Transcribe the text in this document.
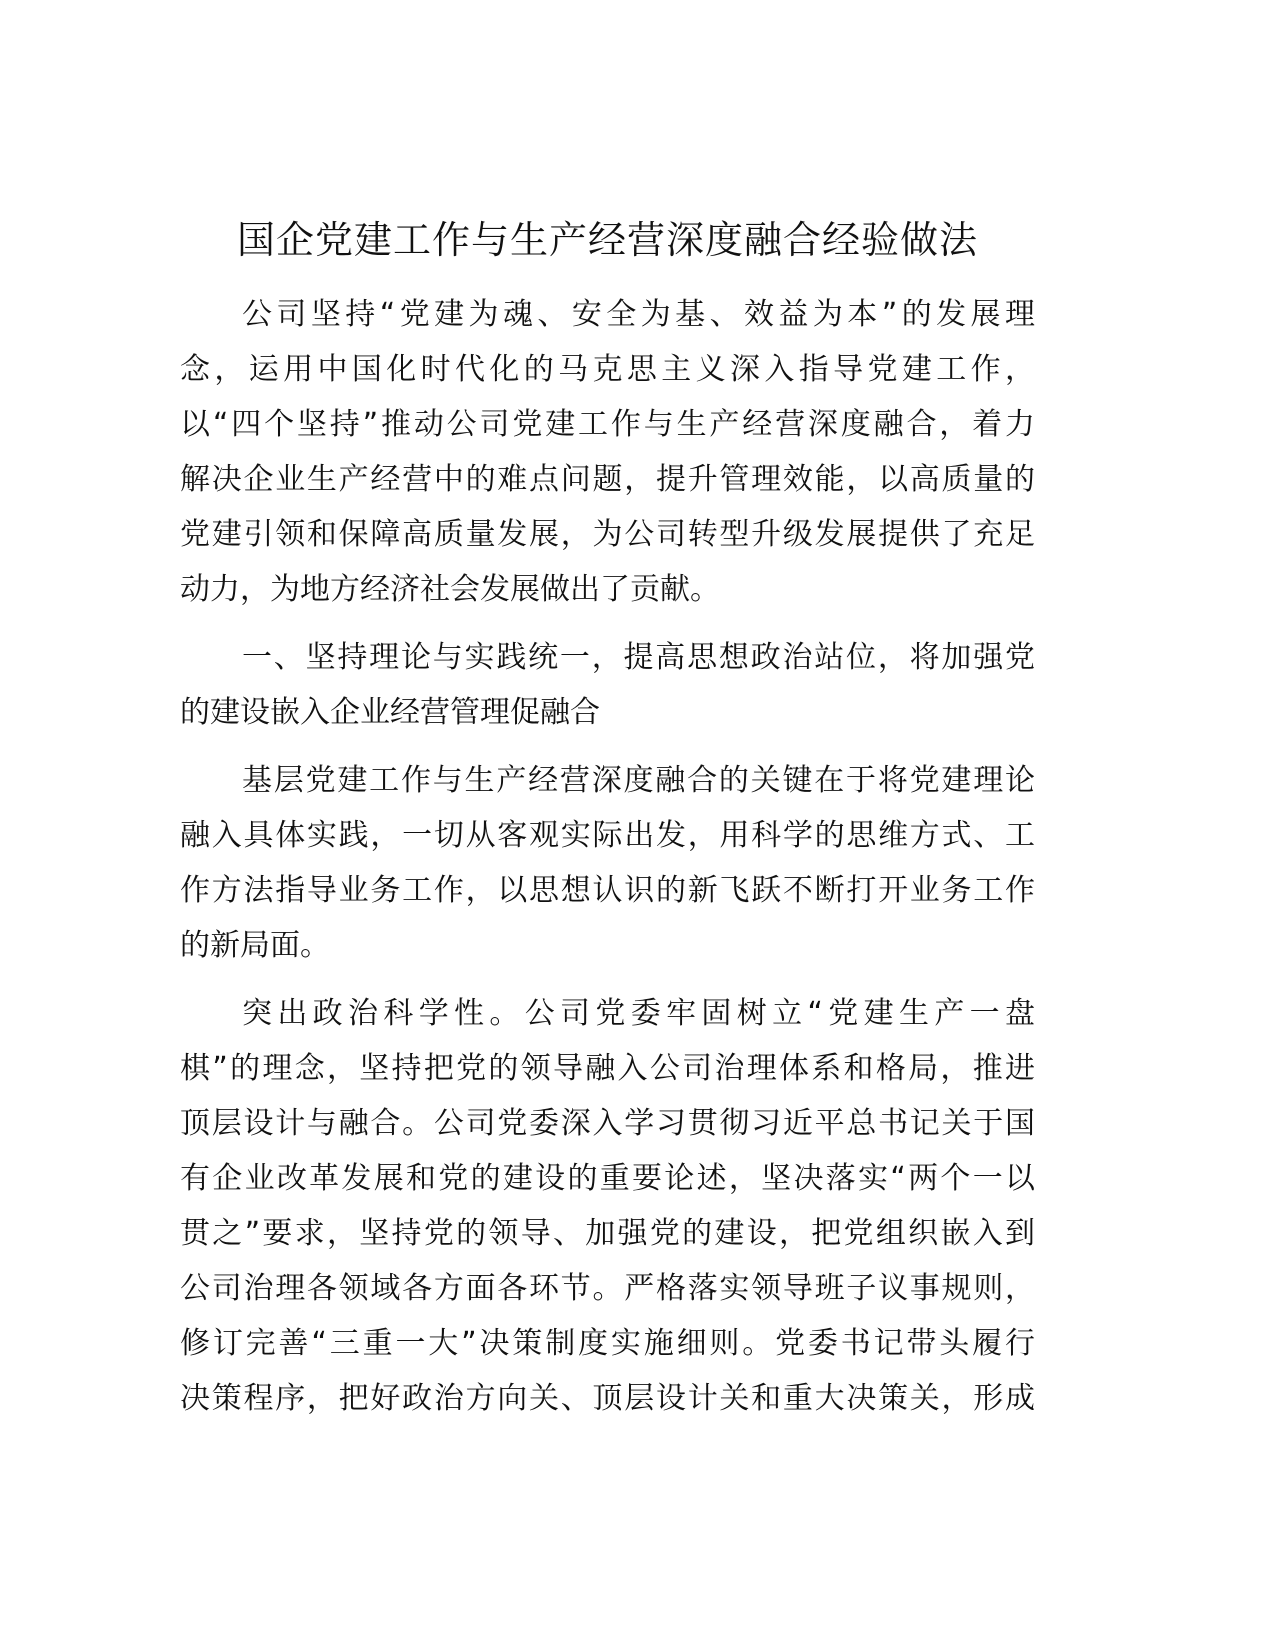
国企党建工作与生产经营深度融合经验做法
公司坚持“党建为魂、安全为基、效益为本”的发展理
念，运用中国化时代化的马克思主义深入指导党建工作，
以“四个坚持”推动公司党建工作与生产经营深度融合，着力
解决企业生产经营中的难点问题，提升管理效能，以高质量的
党建引领和保障高质量发展，为公司转型升级发展提供了充足
动力，为地方经济社会发展做出了贡献。
一、坚持理论与实践统一，提高思想政治站位，将加强党
的建设嵌入企业经营管理促融合
基层党建工作与生产经营深度融合的关键在于将党建理论
融入具体实践，一切从客观实际出发，用科学的思维方式、工
作方法指导业务工作，以思想认识的新飞跃不断打开业务工作
的新局面。
突出政治科学性。公司党委牢固树立“党建生产一盘
棋”的理念，坚持把党的领导融入公司治理体系和格局，推进
顶层设计与融合。公司党委深入学习贯彻习近平总书记关于国
有企业改革发展和党的建设的重要论述，坚决落实“两个一以
贯之”要求，坚持党的领导、加强党的建设，把党组织嵌入到
公司治理各领域各方面各环节。严格落实领导班子议事规则，
修订完善“三重一大”决策制度实施细则。党委书记带头履行
决策程序，把好政治方向关、顶层设计关和重大决策关，形成
